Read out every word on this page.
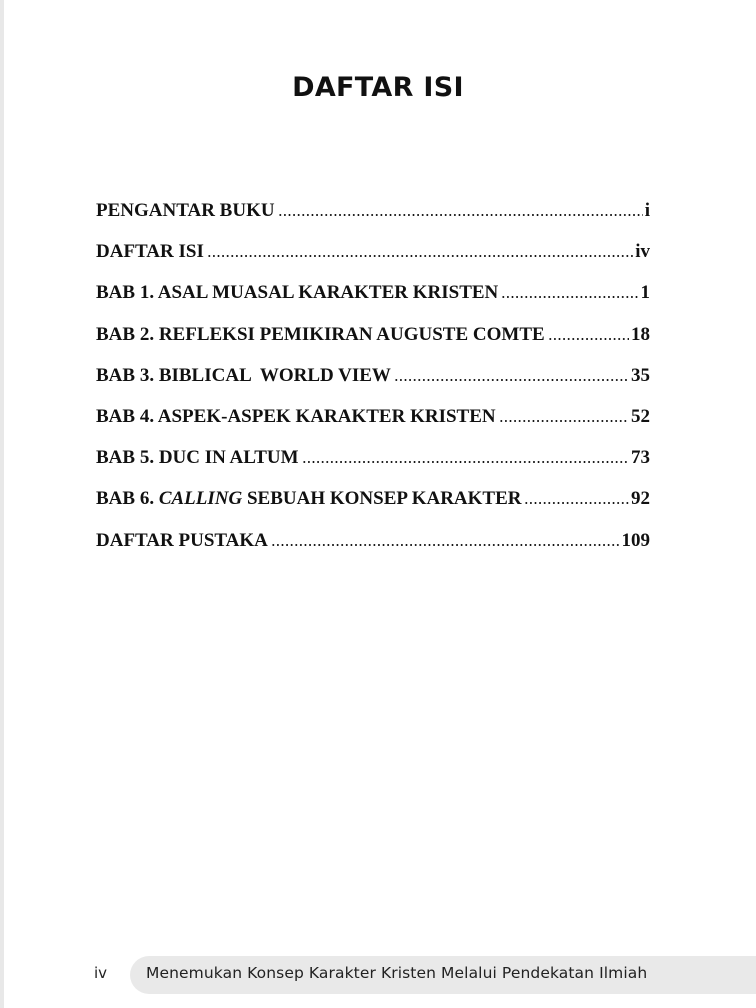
DAFTAR ISI
PENGANTAR BUKU	i
DAFTAR ISI	iv
BAB 1. ASAL MUASAL KARAKTER KRISTEN	1
BAB 2. REFLEKSI PEMIKIRAN AUGUSTE COMTE	18
BAB 3. BIBLICAL  WORLD VIEW	35
BAB 4. ASPEK-ASPEK KARAKTER KRISTEN	52
BAB 5. DUC IN ALTUM	73
BAB 6. CALLING SEBUAH KONSEP KARAKTER	92
DAFTAR PUSTAKA	109
iv	Menemukan Konsep Karakter Kristen Melalui Pendekatan Ilmiah
